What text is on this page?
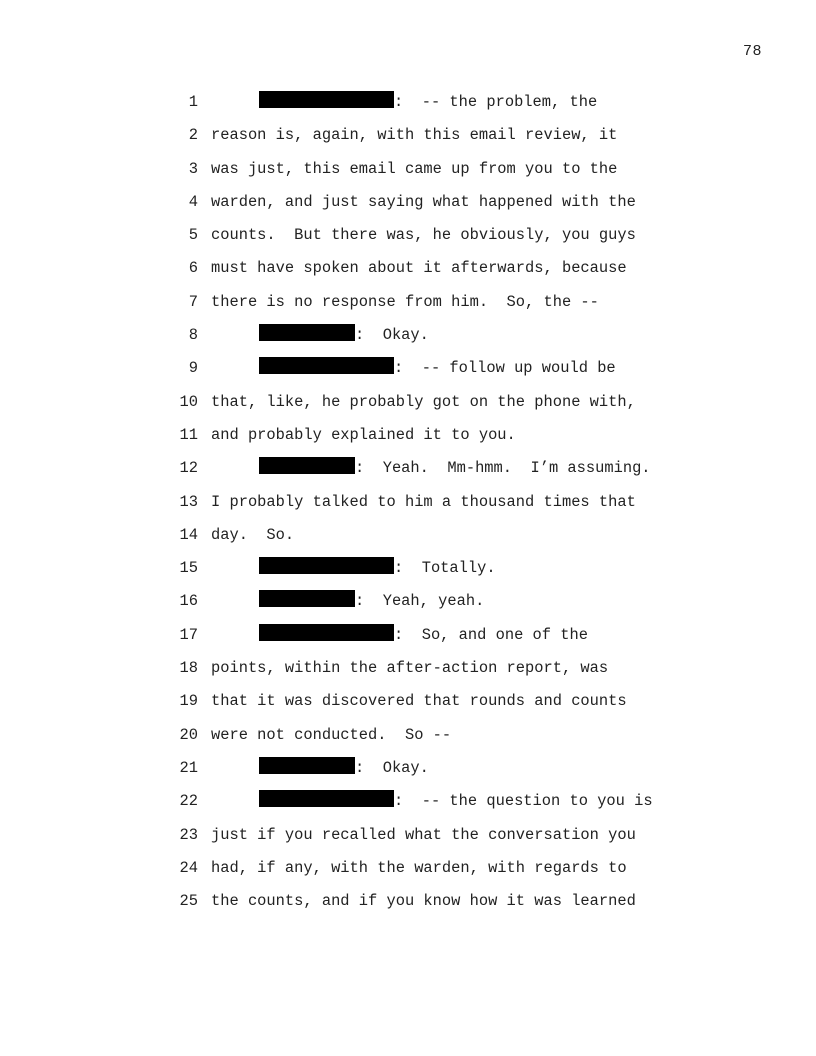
78
1	:  -- the problem, the
2 reason is, again, with this email review, it
3 was just, this email came up from you to the
4 warden, and just saying what happened with the
5 counts.  But there was, he obviously, you guys
6 must have spoken about it afterwards, because
7 there is no response from him.  So, the --
8	:  Okay.
9	:  -- follow up would be
10 that, like, he probably got on the phone with,
11 and probably explained it to you.
12	:  Yeah.  Mm-hmm.  I’m assuming.
13 I probably talked to him a thousand times that
14 day.  So.
15	:  Totally.
16	:  Yeah, yeah.
17	:  So, and one of the
18 points, within the after-action report, was
19 that it was discovered that rounds and counts
20 were not conducted.  So --
21	:  Okay.
22	:  -- the question to you is
23 just if you recalled what the conversation you
24 had, if any, with the warden, with regards to
25 the counts, and if you know how it was learned
